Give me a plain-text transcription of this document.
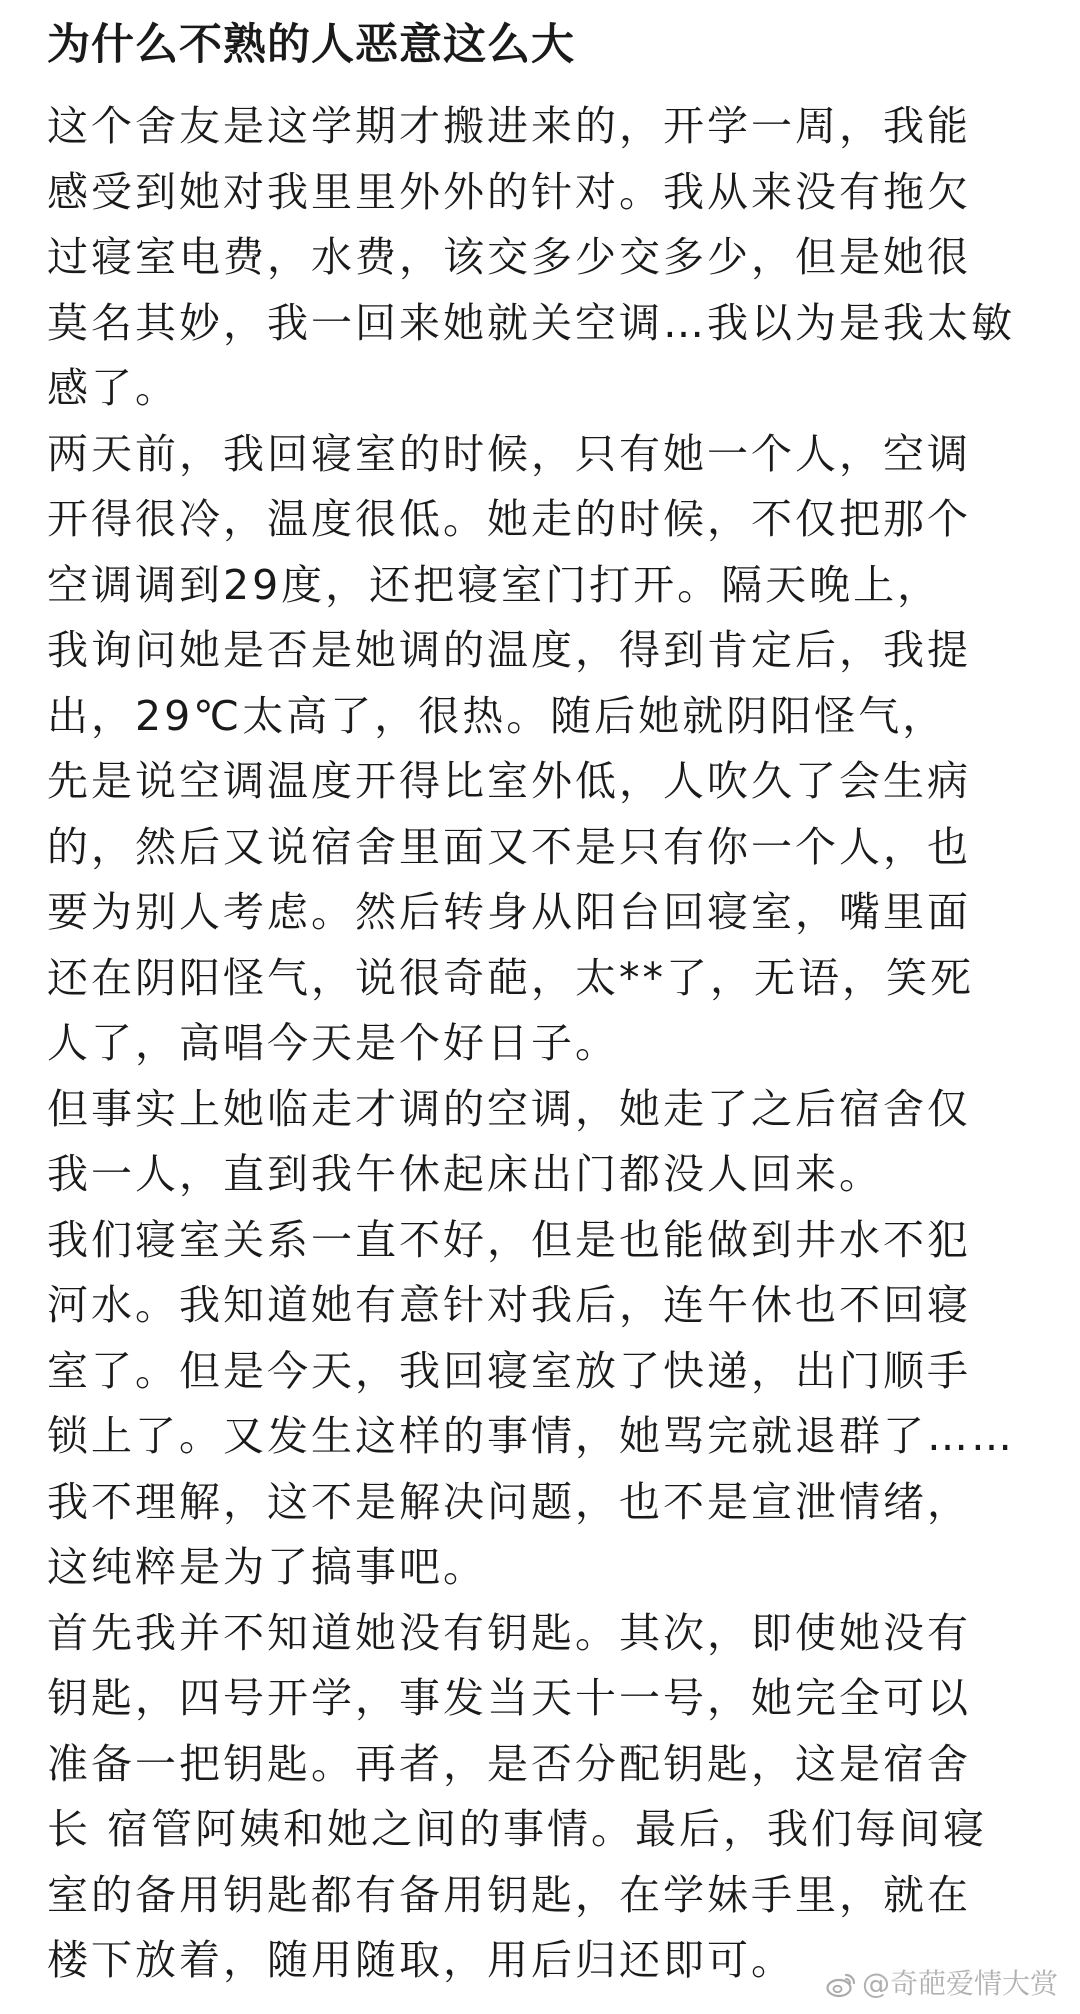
为什么不熟的人恶意这么大
这个舍友是这学期才搬进来的，开学一周，我能
感受到她对我里里外外的针对。我从来没有拖欠
过寝室电费，水费，该交多少交多少，但是她很
莫名其妙，我一回来她就关空调…我以为是我太敏
感了。
两天前，我回寝室的时候，只有她一个人，空调
开得很冷，温度很低。她走的时候，不仅把那个
空调调到29度，还把寝室门打开。隔天晚上，
我询问她是否是她调的温度，得到肯定后，我提
出，29℃太高了，很热。随后她就阴阳怪气，
先是说空调温度开得比室外低，人吹久了会生病
的，然后又说宿舍里面又不是只有你一个人，也
要为别人考虑。然后转身从阳台回寝室，嘴里面
还在阴阳怪气，说很奇葩，太**了，无语，笑死
人了，高唱今天是个好日子。
但事实上她临走才调的空调，她走了之后宿舍仅
我一人，直到我午休起床出门都没人回来。
我们寝室关系一直不好，但是也能做到井水不犯
河水。我知道她有意针对我后，连午休也不回寝
室了。但是今天，我回寝室放了快递，出门顺手
锁上了。又发生这样的事情，她骂完就退群了……
我不理解，这不是解决问题，也不是宣泄情绪，
这纯粹是为了搞事吧。
首先我并不知道她没有钥匙。其次，即使她没有
钥匙，四号开学，事发当天十一号，她完全可以
准备一把钥匙。再者，是否分配钥匙，这是宿舍
长 宿管阿姨和她之间的事情。最后，我们每间寝
室的备用钥匙都有备用钥匙，在学妹手里，就在
楼下放着，随用随取，用后归还即可。	@奇葩爱情大赏
